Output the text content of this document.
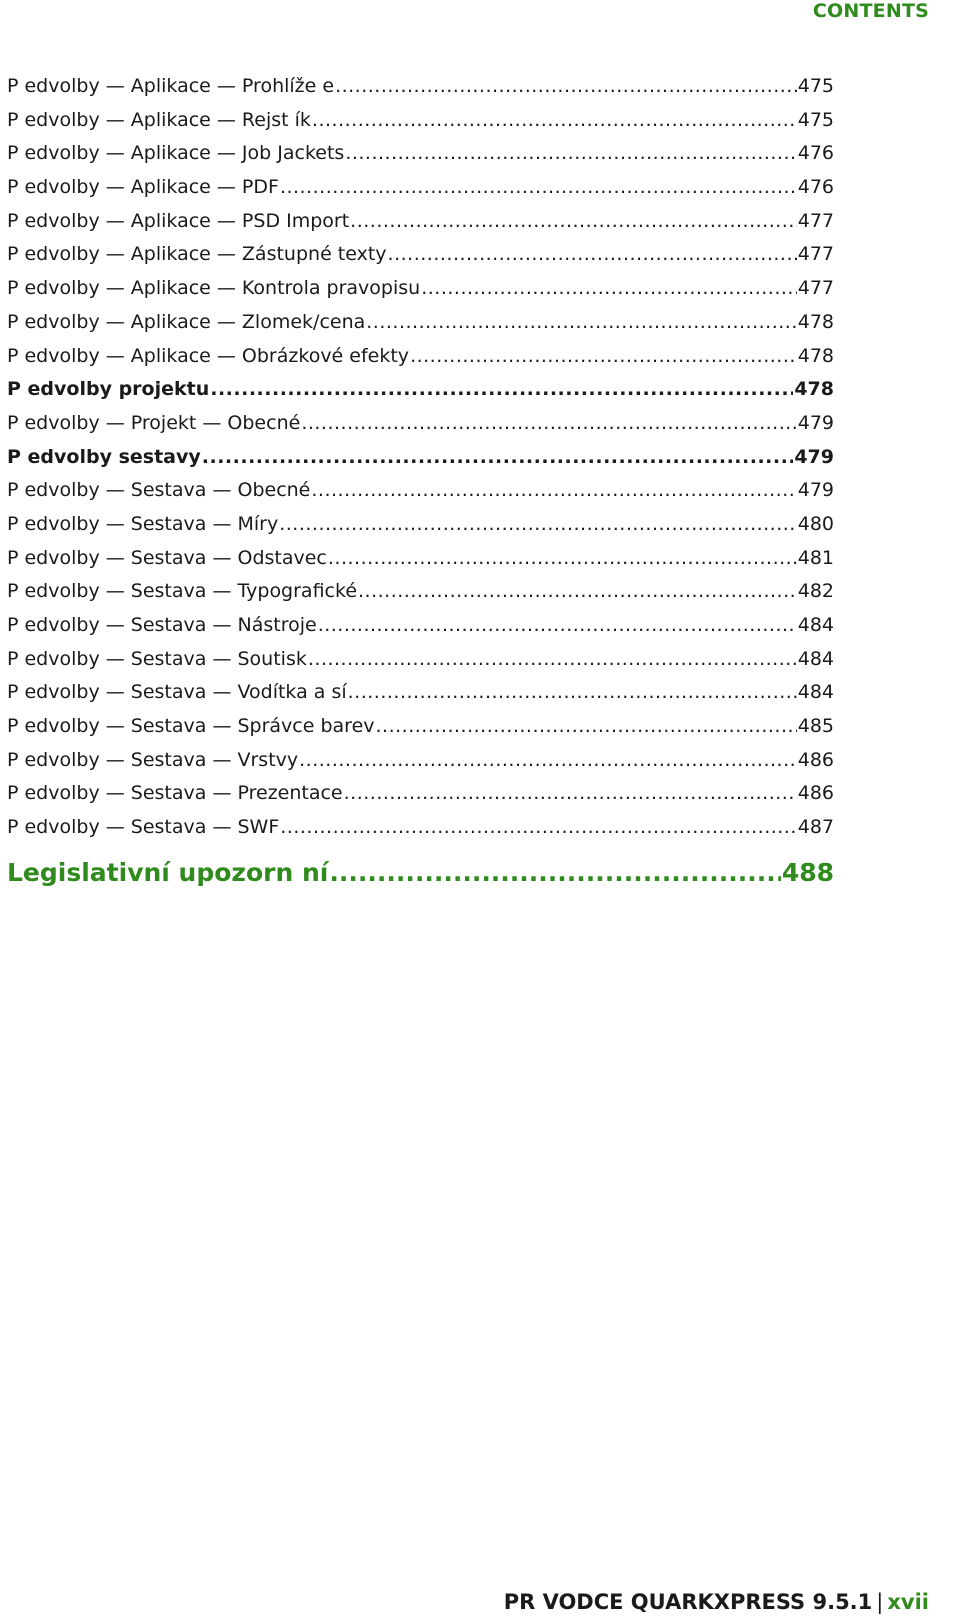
CONTENTS
P edvolby — Aplikace — Prohlíže e .....	475
P edvolby — Aplikace — Rejst ík .....	475
P edvolby — Aplikace — Job Jackets .....	476
P edvolby — Aplikace — PDF .....	476
P edvolby — Aplikace — PSD Import .....	477
P edvolby — Aplikace — Zástupné texty .....	477
P edvolby — Aplikace — Kontrola pravopisu .....	477
P edvolby — Aplikace — Zlomek/cena .....	478
P edvolby — Aplikace — Obrázkové efekty .....	478
P edvolby projektu .....	478
P edvolby — Projekt — Obecné .....	479
P edvolby sestavy .....	479
P edvolby — Sestava — Obecné .....	479
P edvolby — Sestava — Míry .....	480
P edvolby — Sestava — Odstavec .....	481
P edvolby — Sestava — Typografické .....	482
P edvolby — Sestava — Nástroje .....	484
P edvolby — Sestava — Soutisk .....	484
P edvolby — Sestava — Vodítka a sí .....	484
P edvolby — Sestava — Správce barev .....	485
P edvolby — Sestava — Vrstvy .....	486
P edvolby — Sestava — Prezentace .....	486
P edvolby — Sestava — SWF .....	487
Legislativní upozorn ní .....	488
PR VODCE QUARKXPRESS 9.5.1 | xvii
